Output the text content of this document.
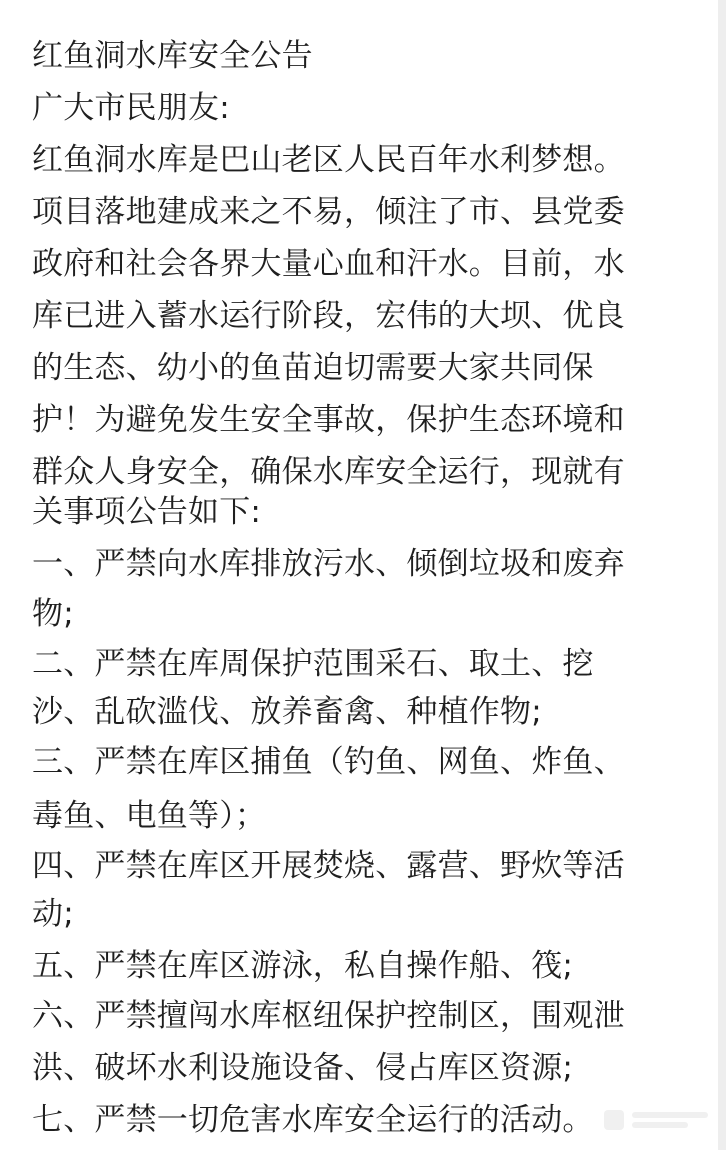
红鱼洞水库安全公告
广大市民朋友:
红鱼洞水库是巴山老区人民百年水利梦想。
项目落地建成来之不易，倾注了市、县党委
政府和社会各界大量心血和汗水。目前，水
库已进入蓄水运行阶段，宏伟的大坝、优良
的生态、幼小的鱼苗迫切需要大家共同保
护！为避免发生安全事故，保护生态环境和
群众人身安全，确保水库安全运行，现就有
关事项公告如下:
一、严禁向水库排放污水、倾倒垃圾和废弃
物;
二、严禁在库周保护范围采石、取土、挖
沙、乱砍滥伐、放养畜禽、种植作物;
三、严禁在库区捕鱼（钓鱼、网鱼、炸鱼、
毒鱼、电鱼等）；
四、严禁在库区开展焚烧、露营、野炊等活
动;
五、严禁在库区游泳，私自操作船、筏;
六、严禁擅闯水库枢纽保护控制区，围观泄
洪、破坏水利设施设备、侵占库区资源;
七、严禁一切危害水库安全运行的活动。
